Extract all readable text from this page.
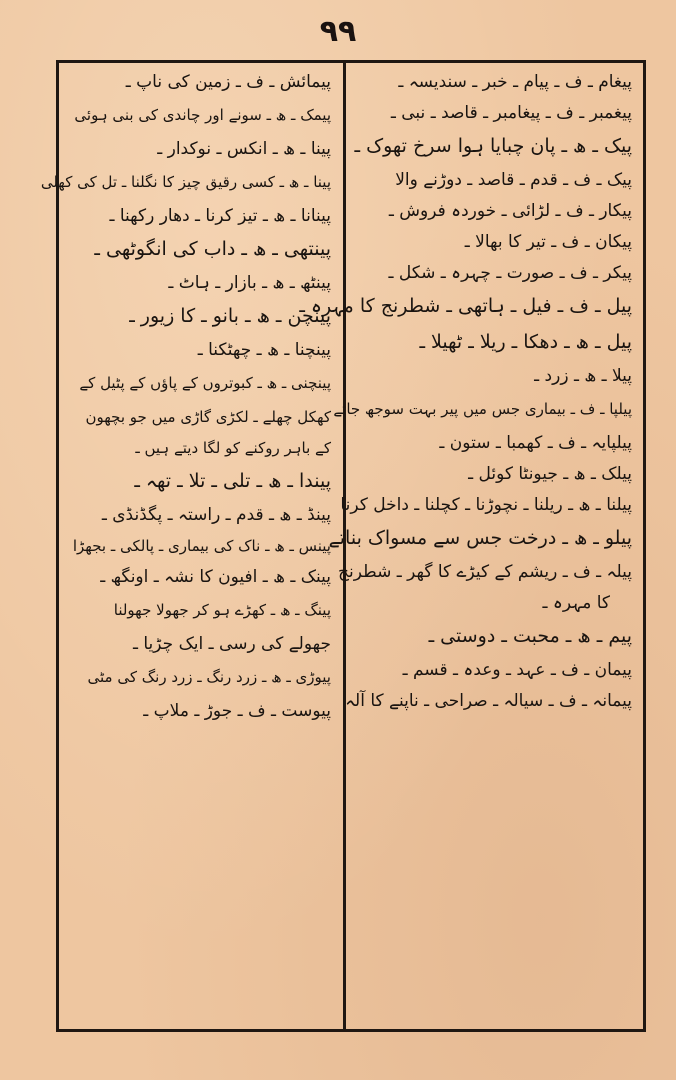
۹۹
پیغام ـ ف ـ پیام ـ خبر ـ سندیسہ ـ
پیغمبر ـ ف ـ پیغامبر ـ قاصد ـ نبی ـ
پیک ـ ھ ـ پان چبایا ہوا سرخ تھوک ـ
پیک ـ ف ـ قدم ـ قاصد ـ دوڑنے والا
پیکار ـ ف ـ لڑائی ـ خوردہ فروش ـ
پیکان ـ ف ـ تیر کا بھالا ـ
پیکر ـ ف ـ صورت ـ چہرہ ـ شکل ـ
پیل ـ ف ـ فیل ـ ہاتھی ـ شطرنج کا مہرہ ـ
پیل ـ ھ ـ دھکا ـ ریلا ـ ٹھیلا ـ
پیلا ـ ھ ـ زرد ـ
پیلپا ـ ف ـ بیماری جس میں پیر بہت سوجھ جاتے
پیلپایہ ـ ف ـ کھمبا ـ ستون ـ
پیلک ـ ھ ـ جیونٹا کوئل ـ
پیلنا ـ ھ ـ ریلنا ـ نچوڑنا ـ کچلنا ـ داخل کرنا
پیلو ـ ھ ـ درخت جس سے مسواک بناتے
پیلہ ـ ف ـ ریشم کے کیڑے کا گھر ـ شطرنج
کا مہرہ ـ
پیم ـ ھ ـ محبت ـ دوستی ـ
پیمان ـ ف ـ عہد ـ وعدہ ـ قسم ـ
پیمانہ ـ ف ـ سیالہ ـ صراحی ـ ناپنے کا آلہ
پیمائش ـ ف ـ زمین کی ناپ ـ
پیمک ـ ھ ـ سونے اور چاندی کی بنی ہوئی
پینا ـ ھ ـ انکس ـ نوکدار ـ
پینا ـ ھ ـ کسی رقیق چیز کا نگلنا ـ تل کی کھلی
پینانا ـ ھ ـ تیز کرنا ـ دھار رکھنا ـ
پینتھی ـ ھ ـ داب کی انگوٹھی ـ
پینٹھ ـ ھ ـ بازار ـ ہاٹ ـ
پینچن ـ ھ ـ بانو ـ کا زیور ـ
پینچنا ـ ھ ـ چھٹکنا ـ
پینچنی ـ ھ ـ کبوتروں کے پاؤں کے پٹیل کے
کھکل چھلے ـ لکڑی گاڑی میں جو بچھون
کے باہر روکنے کو لگا دیتے ہیں ـ
پیندا ـ ھ ـ تلی ـ تلا ـ تھہ ـ
پینڈ ـ ھ ـ قدم ـ راستہ ـ پگڈنڈی ـ
پینس ـ ھ ـ ناک کی بیماری ـ پالکی ـ بجھڑا
پینک ـ ھ ـ افیون کا نشہ ـ اونگھ ـ
پینگ ـ ھ ـ کھڑے ہو کر جھولا جھولنا
جھولے کی رسی ـ ایک چڑیا ـ
پیوڑی ـ ھ ـ زرد رنگ ـ زرد رنگ کی مٹی
پیوست ـ ف ـ جوڑ ـ ملاپ ـ
